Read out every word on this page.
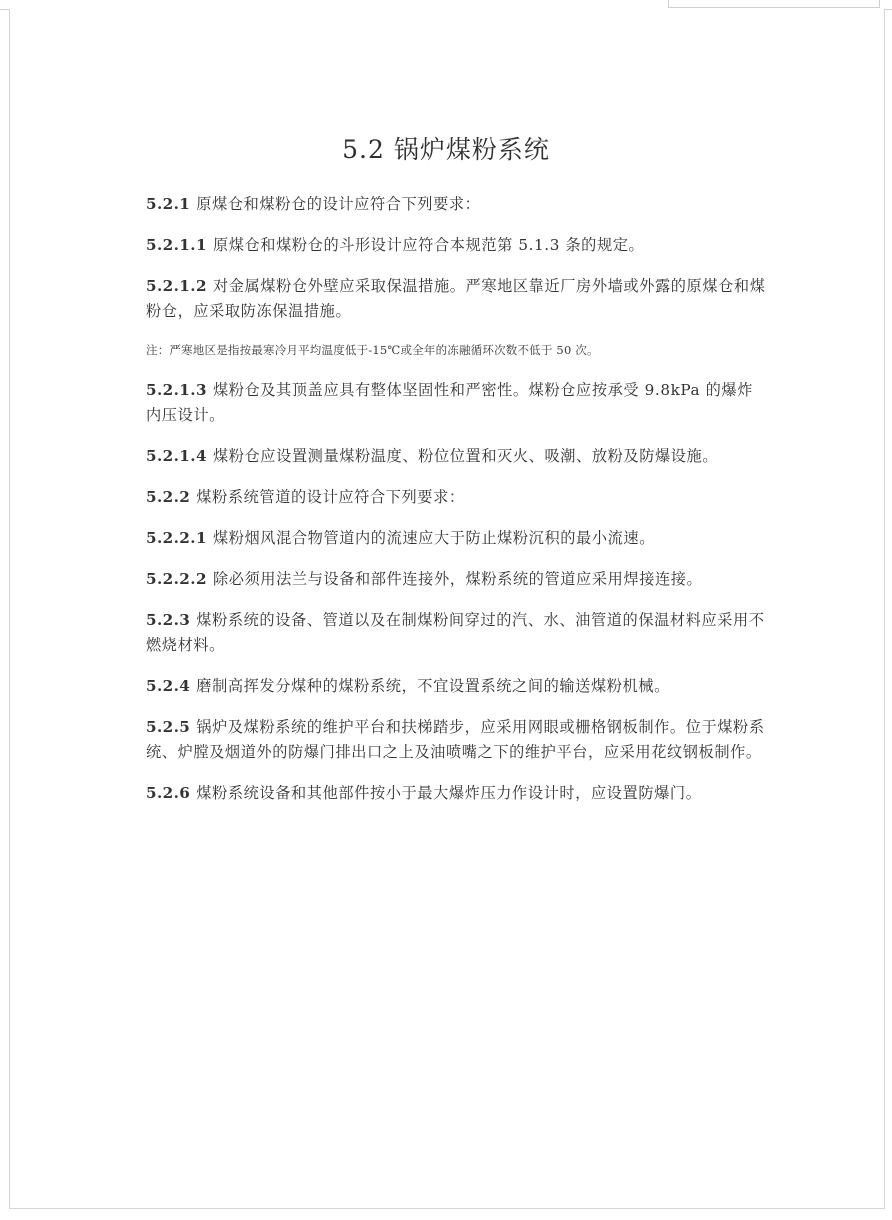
5.2 锅炉煤粉系统

5.2.1 原煤仓和煤粉仓的设计应符合下列要求：

5.2.1.1 原煤仓和煤粉仓的斗形设计应符合本规范第 5.1.3 条的规定。

5.2.1.2 对金属煤粉仓外壁应采取保温措施。严寒地区靠近厂房外墙或外露的原煤仓和煤粉仓，应采取防冻保温措施。

注：严寒地区是指按最寒冷月平均温度低于-15℃或全年的冻融循环次数不低于 50 次。

5.2.1.3 煤粉仓及其顶盖应具有整体坚固性和严密性。煤粉仓应按承受 9.8kPa 的爆炸内压设计。

5.2.1.4 煤粉仓应设置测量煤粉温度、粉位位置和灭火、吸潮、放粉及防爆设施。

5.2.2 煤粉系统管道的设计应符合下列要求：

5.2.2.1 煤粉烟风混合物管道内的流速应大于防止煤粉沉积的最小流速。

5.2.2.2 除必须用法兰与设备和部件连接外，煤粉系统的管道应采用焊接连接。

5.2.3 煤粉系统的设备、管道以及在制煤粉间穿过的汽、水、油管道的保温材料应采用不燃烧材料。

5.2.4 磨制高挥发分煤种的煤粉系统，不宜设置系统之间的输送煤粉机械。

5.2.5 锅炉及煤粉系统的维护平台和扶梯踏步，应采用网眼或栅格钢板制作。位于煤粉系统、炉膛及烟道外的防爆门排出口之上及油喷嘴之下的维护平台，应采用花纹钢板制作。

5.2.6 煤粉系统设备和其他部件按小于最大爆炸压力作设计时，应设置防爆门。
